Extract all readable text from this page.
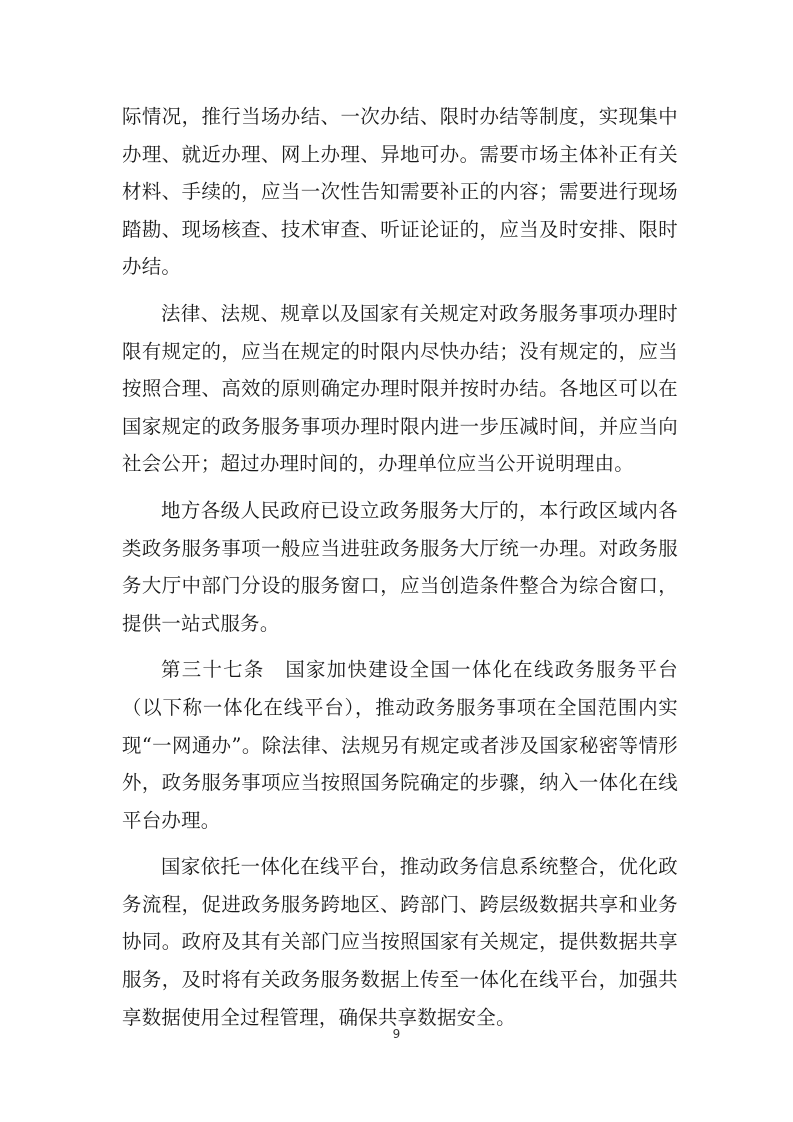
际情况，推行当场办结、一次办结、限时办结等制度，实现集中办理、就近办理、网上办理、异地可办。需要市场主体补正有关材料、手续的，应当一次性告知需要补正的内容；需要进行现场踏勘、现场核查、技术审查、听证论证的，应当及时安排、限时办结。

法律、法规、规章以及国家有关规定对政务服务事项办理时限有规定的，应当在规定的时限内尽快办结；没有规定的，应当按照合理、高效的原则确定办理时限并按时办结。各地区可以在国家规定的政务服务事项办理时限内进一步压减时间，并应当向社会公开；超过办理时间的，办理单位应当公开说明理由。

地方各级人民政府已设立政务服务大厅的，本行政区域内各类政务服务事项一般应当进驻政务服务大厅统一办理。对政务服务大厅中部门分设的服务窗口，应当创造条件整合为综合窗口，提供一站式服务。

第三十七条　国家加快建设全国一体化在线政务服务平台（以下称一体化在线平台），推动政务服务事项在全国范围内实现“一网通办”。除法律、法规另有规定或者涉及国家秘密等情形外，政务服务事项应当按照国务院确定的步骤，纳入一体化在线平台办理。

国家依托一体化在线平台，推动政务信息系统整合，优化政务流程，促进政务服务跨地区、跨部门、跨层级数据共享和业务协同。政府及其有关部门应当按照国家有关规定，提供数据共享服务，及时将有关政务服务数据上传至一体化在线平台，加强共享数据使用全过程管理，确保共享数据安全。

9
